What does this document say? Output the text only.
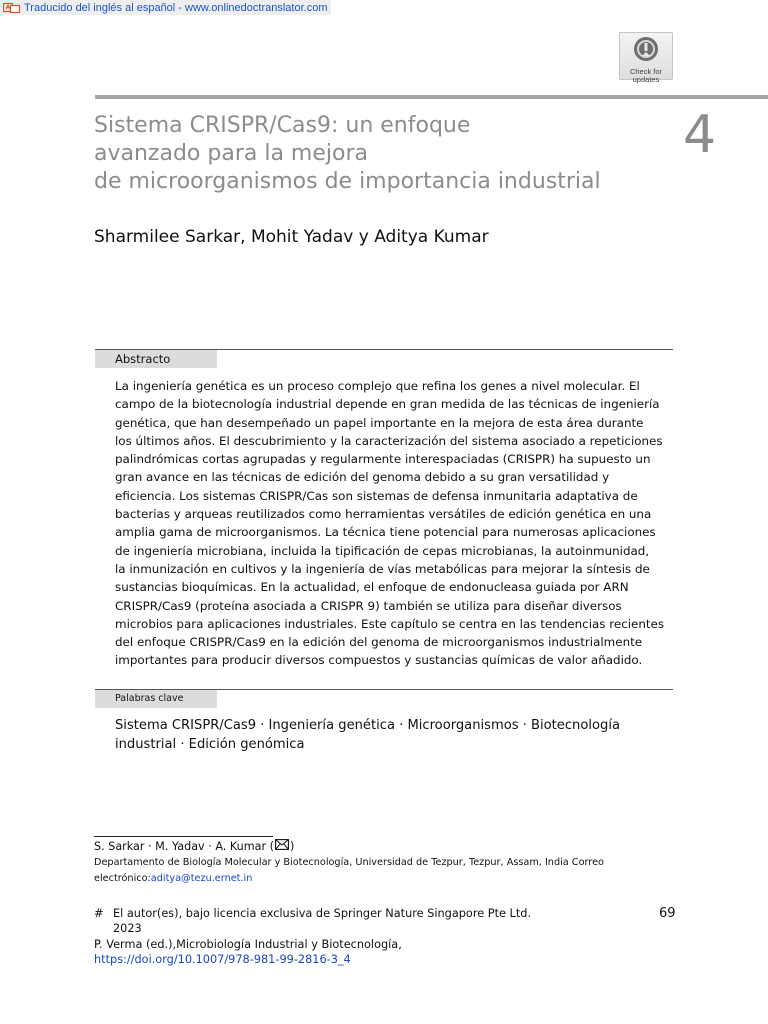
Traducido del inglés al español - www.onlinedoctranslator.com
Check for
updates
Sistema CRISPR/Cas9: un enfoque
avanzado para la mejora
de microorganismos de importancia industrial
4
Sharmilee Sarkar, Mohit Yadav y Aditya Kumar
Abstracto

La ingeniería genética es un proceso complejo que refina los genes a nivel molecular. El
campo de la biotecnología industrial depende en gran medida de las técnicas de ingeniería
genética, que han desempeñado un papel importante en la mejora de esta área durante
los últimos años. El descubrimiento y la caracterización del sistema asociado a repeticiones
palindrómicas cortas agrupadas y regularmente interespaciadas (CRISPR) ha supuesto un
gran avance en las técnicas de edición del genoma debido a su gran versatilidad y
eficiencia. Los sistemas CRISPR/Cas son sistemas de defensa inmunitaria adaptativa de
bacterias y arqueas reutilizados como herramientas versátiles de edición genética en una
amplia gama de microorganismos. La técnica tiene potencial para numerosas aplicaciones
de ingeniería microbiana, incluida la tipificación de cepas microbianas, la autoinmunidad,
la inmunización en cultivos y la ingeniería de vías metabólicas para mejorar la síntesis de
sustancias bioquímicas. En la actualidad, el enfoque de endonucleasa guiada por ARN
CRISPR/Cas9 (proteína asociada a CRISPR 9) también se utiliza para diseñar diversos
microbios para aplicaciones industriales. Este capítulo se centra en las tendencias recientes
del enfoque CRISPR/Cas9 en la edición del genoma de microorganismos industrialmente
importantes para producir diversos compuestos y sustancias químicas de valor añadido.

Palabras clave

Sistema CRISPR/Cas9 · Ingeniería genética · Microorganismos · Biotecnología
industrial · Edición genómica

S. Sarkar · M. Yadav · A. Kumar ( )
Departamento de Biología Molecular y Biotecnología, Universidad de Tezpur, Tezpur, Assam, India Correo
electrónico:aditya@tezu.ernet.in
# El autor(es), bajo licencia exclusiva de Springer Nature Singapore Pte Ltd.
2023
69
P. Verma (ed.),Microbiología Industrial y Biotecnología,
https://doi.org/10.1007/978-981-99-2816-3_4
